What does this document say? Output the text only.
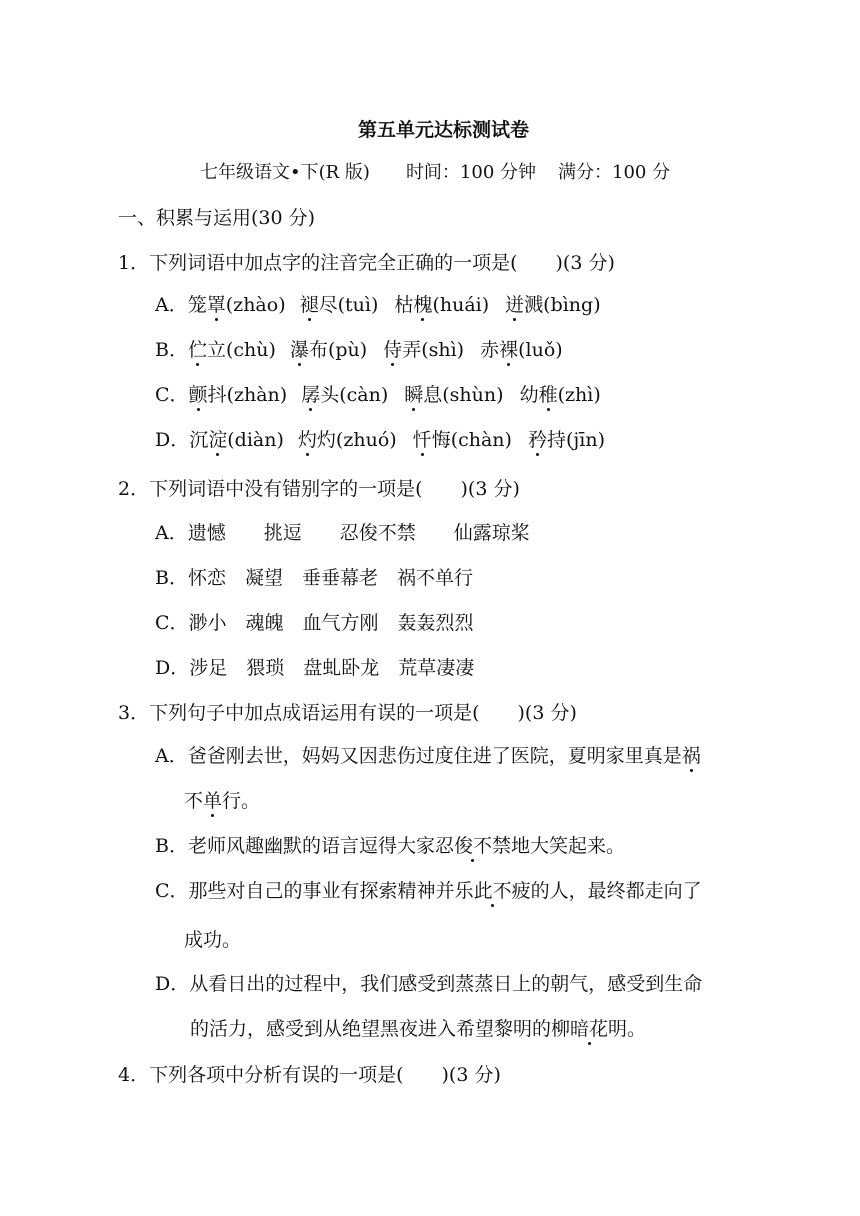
第五单元达标测试卷
七年级语文•下(R 版) 时间：100 分钟 满分：100 分
一、积累与运用(30 分)
1．下列词语中加点字的注音完全正确的一项是(　　)(3 分)
A．笼罩(zhào) 褪尽(tuì) 枯槐(huái) 迸溅(bìng)
B．伫立(chù) 瀑布(pù) 侍弄(shì) 赤裸(luǒ)
C．颤抖(zhàn) 孱头(càn) 瞬息(shùn) 幼稚(zhì)
D．沉淀(diàn) 灼灼(zhuó) 忏悔(chàn) 矜持(jīn)
2．下列词语中没有错别字的一项是(　　)(3 分)
A．遗憾　　挑逗　　忍俊不禁　　仙露琼桨
B．怀恋　凝望　垂垂幕老　祸不单行
C．渺小　魂魄　血气方刚　轰轰烈烈
D．涉足　猥琐　盘虬卧龙　荒草凄凄
3．下列句子中加点成语运用有误的一项是(　　)(3 分)
A．爸爸刚去世，妈妈又因悲伤过度住进了医院，夏明家里真是祸
不单行。
B．老师风趣幽默的语言逗得大家忍俊不禁地大笑起来。
C．那些对自己的事业有探索精神并乐此不疲的人，最终都走向了
成功。
D．从看日出的过程中，我们感受到蒸蒸日上的朝气，感受到生命
的活力，感受到从绝望黑夜进入希望黎明的柳暗花明。
4．下列各项中分析有误的一项是(　　)(3 分)
